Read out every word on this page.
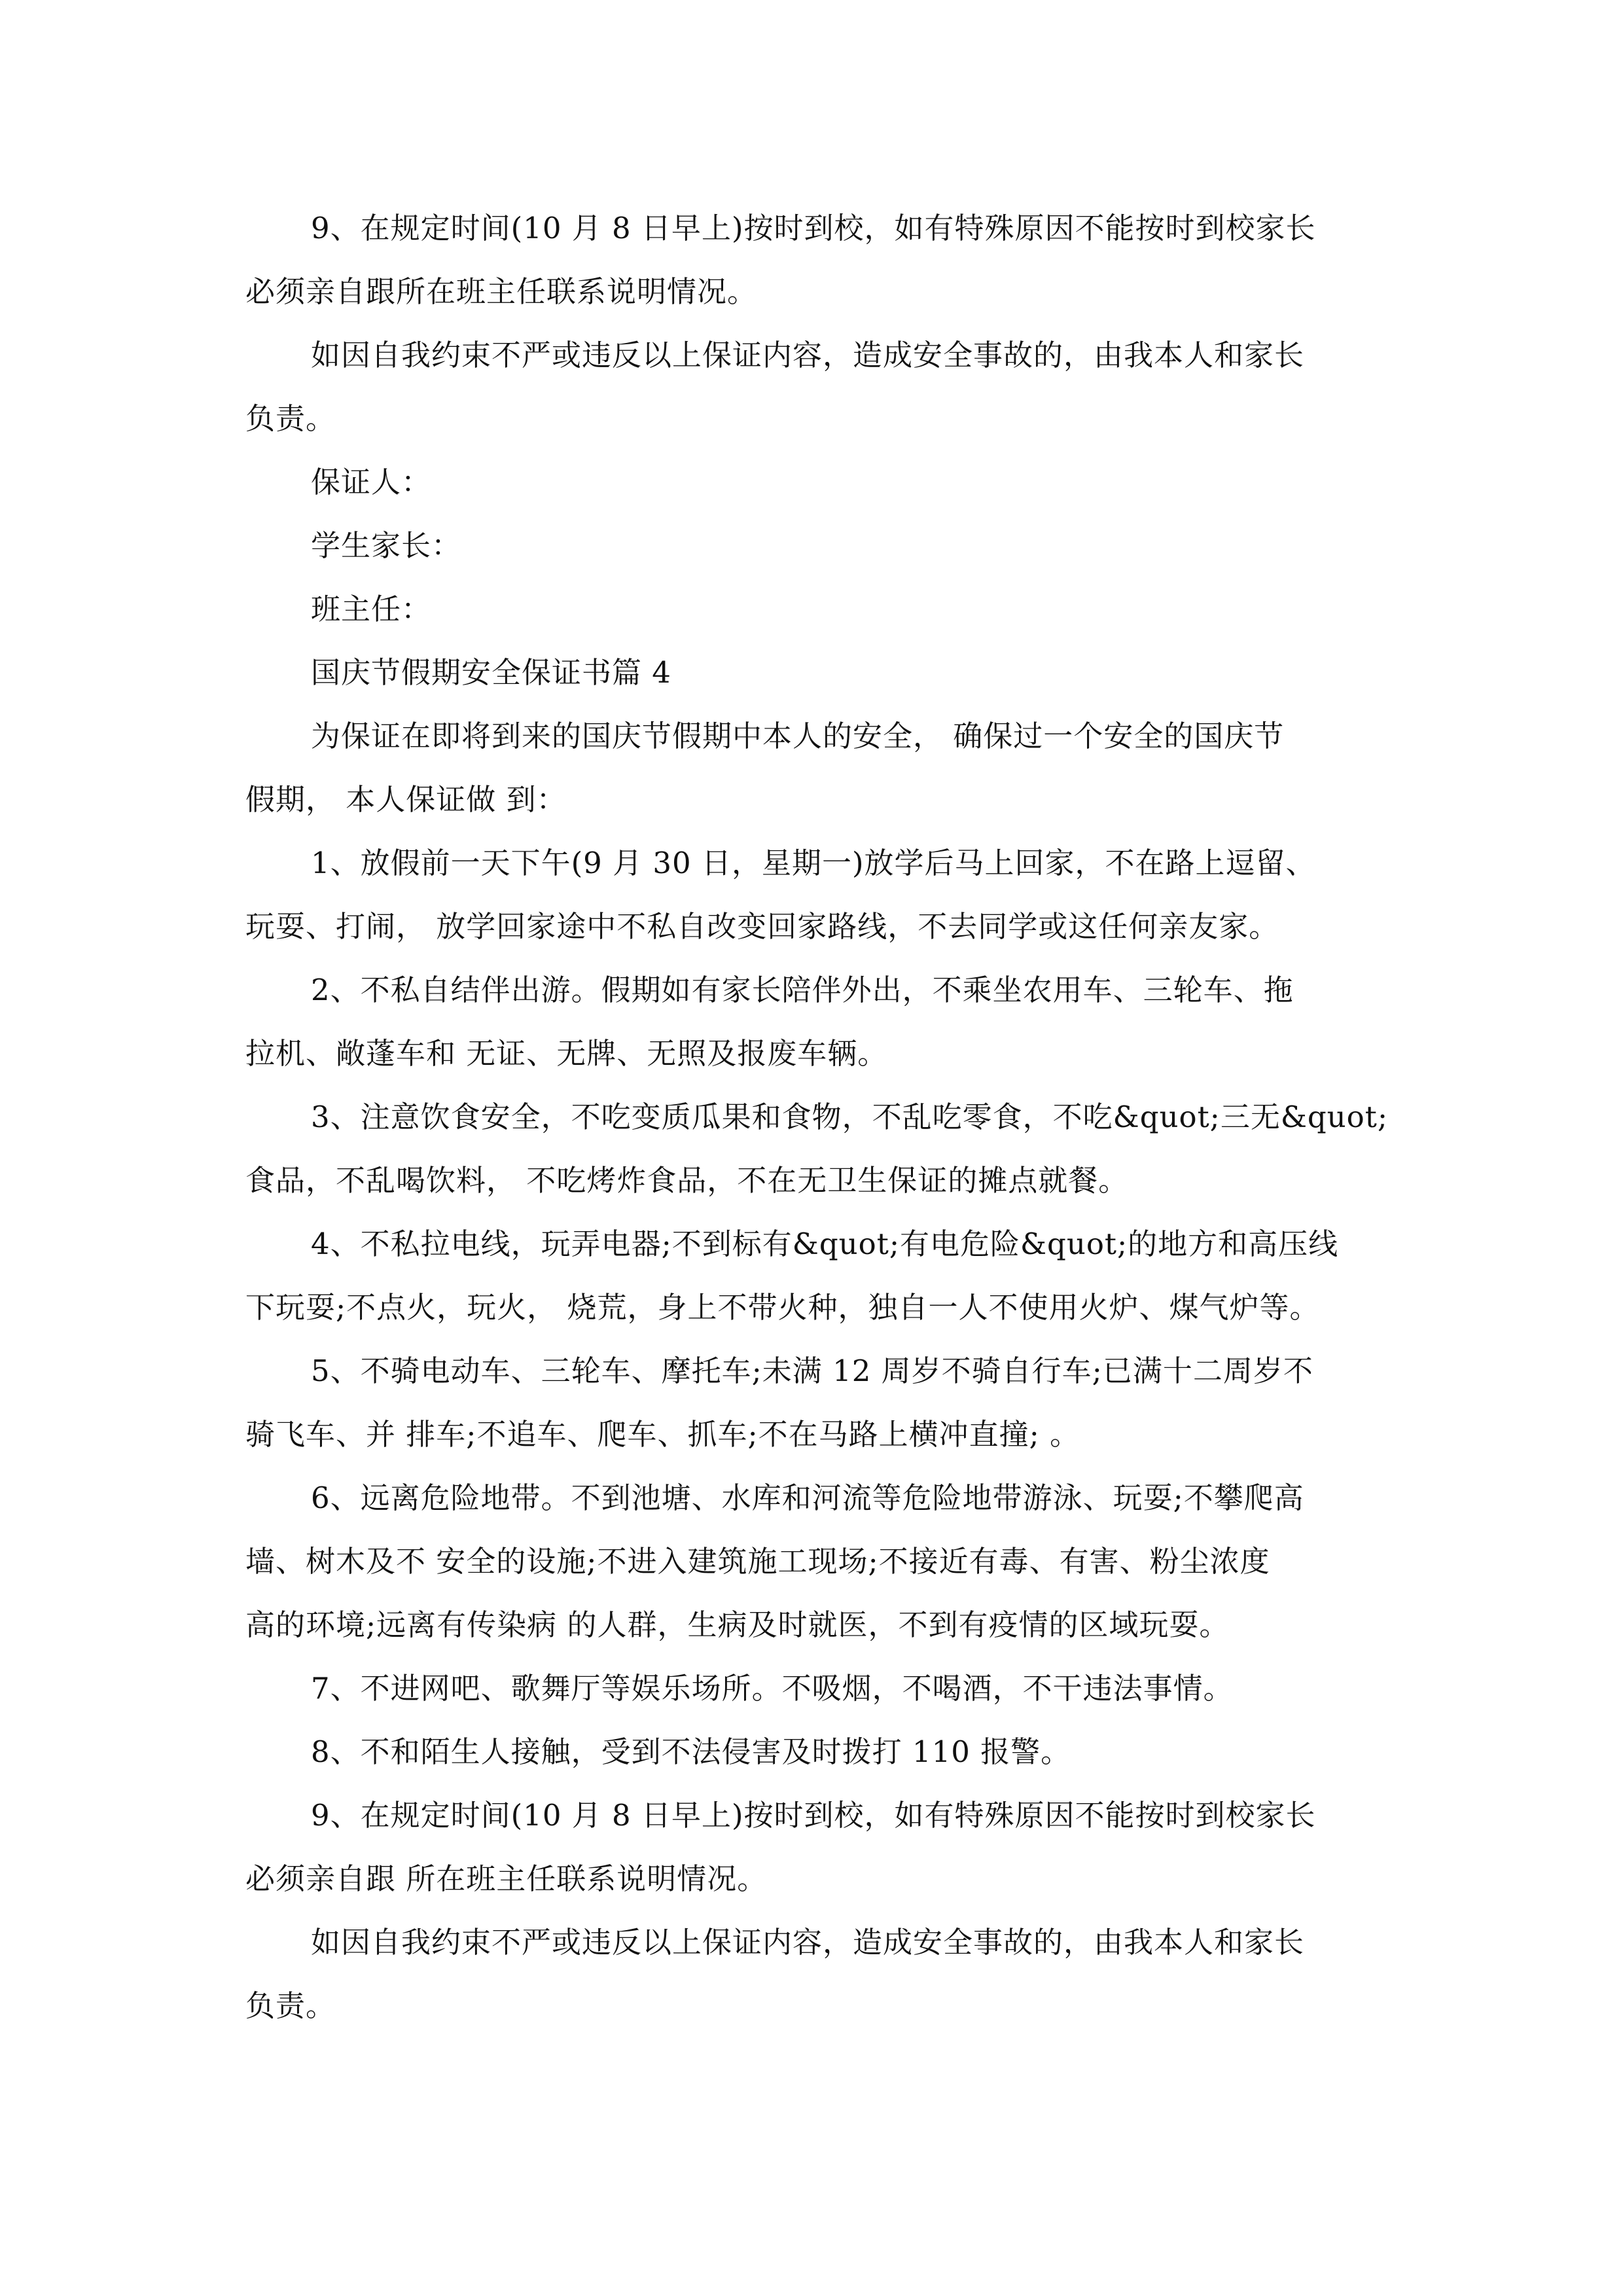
9、在规定时间(10 月 8 日早上)按时到校，如有特殊原因不能按时到校家长
必须亲自跟所在班主任联系说明情况。
如因自我约束不严或违反以上保证内容，造成安全事故的，由我本人和家长
负责。
保证人：
学生家长：
班主任：
国庆节假期安全保证书篇 4
为保证在即将到来的国庆节假期中本人的安全， 确保过一个安全的国庆节
假期， 本人保证做 到：
1、放假前一天下午(9 月 30 日，星期一)放学后马上回家，不在路上逗留、
玩耍、打闹， 放学回家途中不私自改变回家路线，不去同学或这任何亲友家。
2、不私自结伴出游。假期如有家长陪伴外出，不乘坐农用车、三轮车、拖
拉机、敞蓬车和 无证、无牌、无照及报废车辆。
3、注意饮食安全，不吃变质瓜果和食物，不乱吃零食，不吃&quot;三无&quot;
食品，不乱喝饮料， 不吃烤炸食品，不在无卫生保证的摊点就餐。
4、不私拉电线，玩弄电器;不到标有&quot;有电危险&quot;的地方和高压线
下玩耍;不点火，玩火， 烧荒，身上不带火种，独自一人不使用火炉、煤气炉等。
5、不骑电动车、三轮车、摩托车;未满 12 周岁不骑自行车;已满十二周岁不
骑飞车、并 排车;不追车、爬车、抓车;不在马路上横冲直撞; 。
6、远离危险地带。不到池塘、水库和河流等危险地带游泳、玩耍;不攀爬高
墙、树木及不 安全的设施;不进入建筑施工现场;不接近有毒、有害、粉尘浓度
高的环境;远离有传染病 的人群，生病及时就医，不到有疫情的区域玩耍。
7、不进网吧、歌舞厅等娱乐场所。不吸烟，不喝酒，不干违法事情。
8、不和陌生人接触，受到不法侵害及时拨打 110 报警。
9、在规定时间(10 月 8 日早上)按时到校，如有特殊原因不能按时到校家长
必须亲自跟 所在班主任联系说明情况。
如因自我约束不严或违反以上保证内容，造成安全事故的，由我本人和家长
负责。
